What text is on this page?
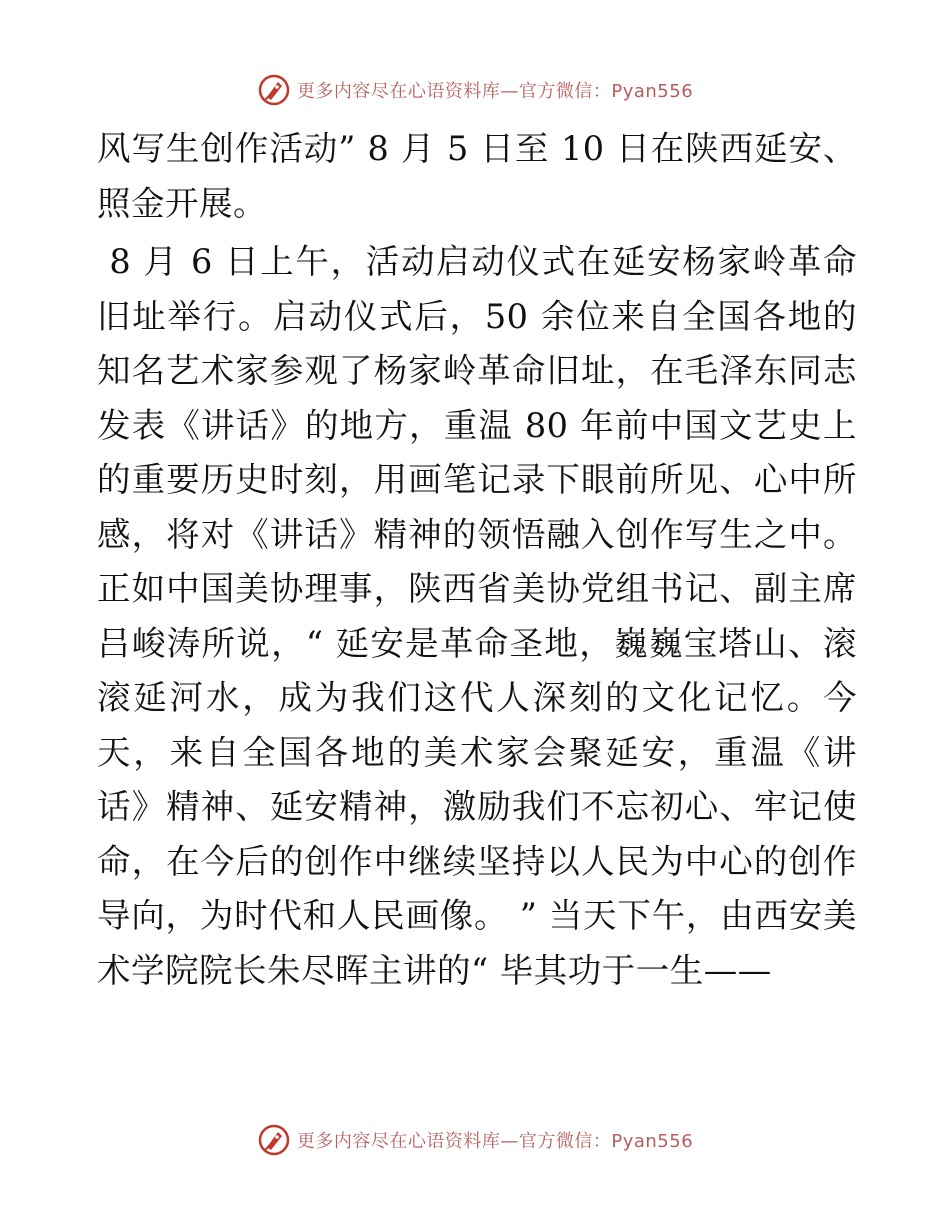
更多内容尽在心语资料库—官方微信：Pyan556

风写生创作活动” 8 月 5 日至 10 日在陕西延安、照金开展。

8 月 6 日上午，活动启动仪式在延安杨家岭革命旧址举行。启动仪式后，50 余位来自全国各地的知名艺术家参观了杨家岭革命旧址，在毛泽东同志发表《讲话》的地方，重温 80 年前中国文艺史上的重要历史时刻，用画笔记录下眼前所见、心中所感，将对《讲话》精神的领悟融入创作写生之中。正如中国美协理事，陕西省美协党组书记、副主席吕峻涛所说，“ 延安是革命圣地，巍巍宝塔山、滚滚延河水，成为我们这代人深刻的文化记忆。今天，来自全国各地的美术家会聚延安，重温《讲话》精神、延安精神，激励我们不忘初心、牢记使命，在今后的创作中继续坚持以人民为中心的创作导向，为时代和人民画像。 ” 当天下午，由西安美术学院院长朱尽晖主讲的“ 毕其功于一生——

更多内容尽在心语资料库—官方微信：Pyan556
